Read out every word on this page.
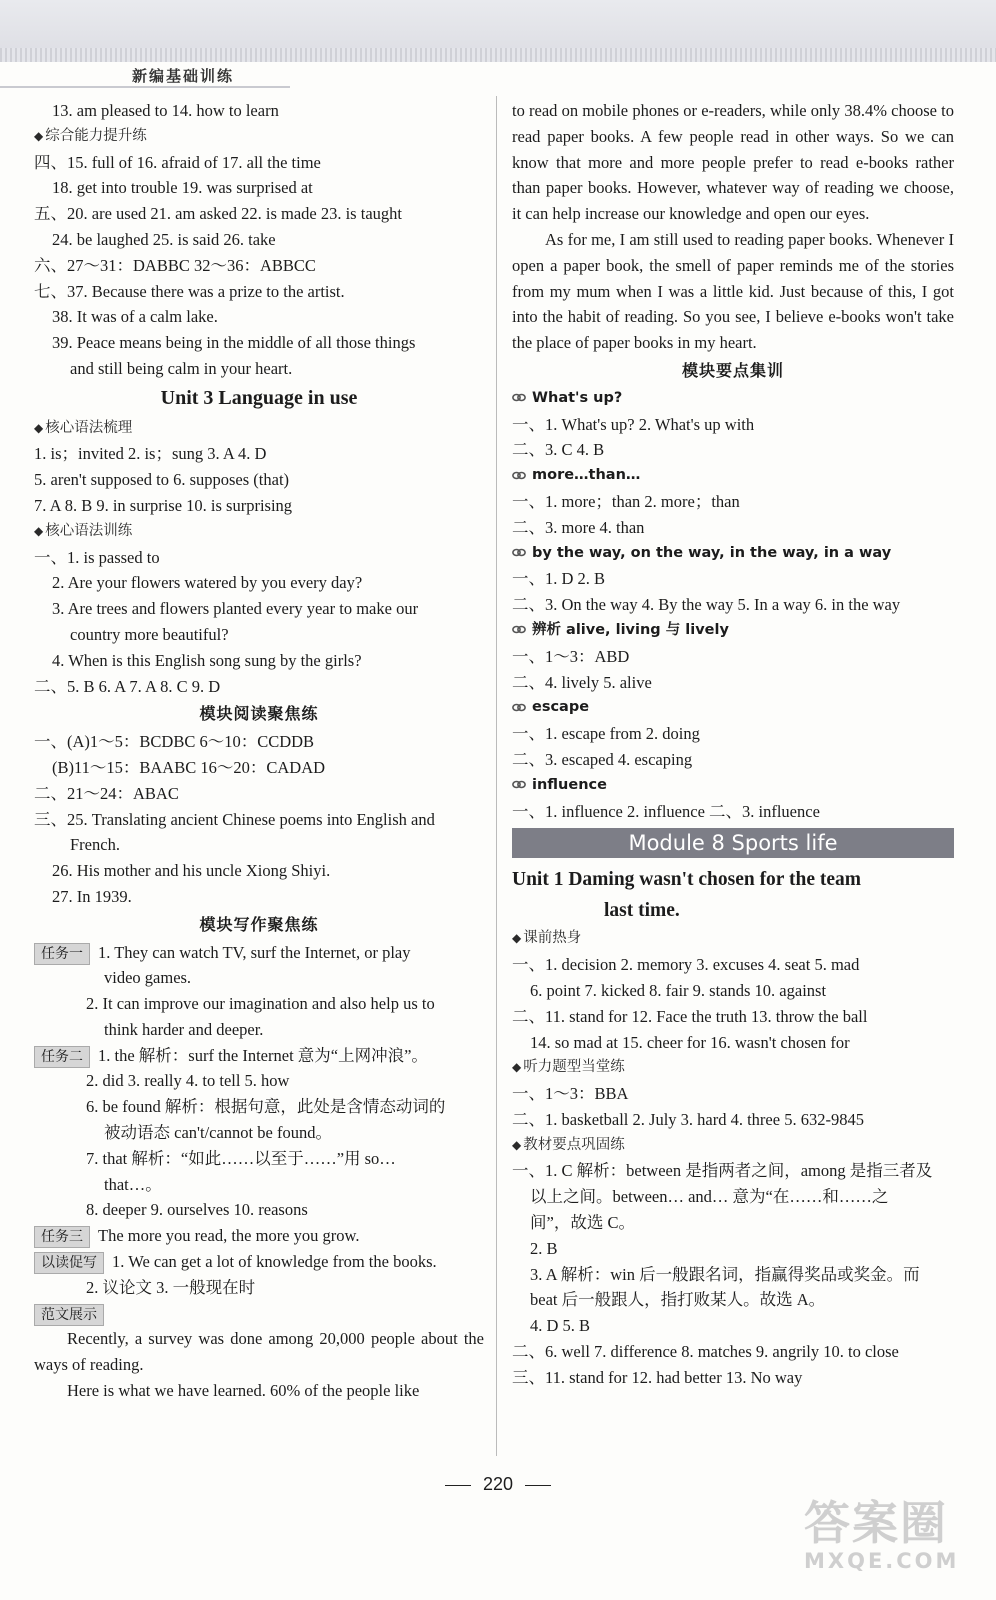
新编基础训练
13. am pleased to 14. how to learn
◆ 综合能力提升练
四、15. full of 16. afraid of 17. all the time
18. get into trouble 19. was surprised at
五、20. are used 21. am asked 22. is made 23. is taught
24. be laughed 25. is said 26. take
六、27～31：DABBC 32～36：ABBCC
七、37. Because there was a prize to the artist.
38. It was of a calm lake.
39. Peace means being in the middle of all those things
and still being calm in your heart.
Unit 3 Language in use
◆ 核心语法梳理
1. is；invited 2. is；sung 3. A 4. D
5. aren't supposed to 6. supposes (that)
7. A 8. B 9. in surprise 10. is surprising
◆ 核心语法训练
一、1. is passed to
2. Are your flowers watered by you every day?
3. Are trees and flowers planted every year to make our
country more beautiful?
4. When is this English song sung by the girls?
二、5. B 6. A 7. A 8. C 9. D
模块阅读聚焦练
一、(A)1～5：BCDBC 6～10：CCDDB
(B)11～15：BAABC 16～20：CADAD
二、21～24：ABAC
三、25. Translating ancient Chinese poems into English and
French.
26. His mother and his uncle Xiong Shiyi.
27. In 1939.
模块写作聚焦练
任务一 1. They can watch TV, surf the Internet, or play
video games.
2. It can improve our imagination and also help us to
think harder and deeper.
任务二 1. the 解析：surf the Internet 意为“上网冲浪”。
2. did 3. really 4. to tell 5. how
6. be found 解析：根据句意，此处是含情态动词的
被动语态 can't/cannot be found。
7. that 解析：“如此……以至于……”用 so…
that…。
8. deeper 9. ourselves 10. reasons
任务三 The more you read, the more you grow.
以读促写 1. We can get a lot of knowledge from the books.
2. 议论文 3. 一般现在时
范文展示
Recently, a survey was done among 20,000 people about the ways of reading.
Here is what we have learned. 60% of the people like
to read on mobile phones or e-readers, while only 38.4% choose to read paper books. A few people read in other ways. So we can know that more and more people prefer to read e-books rather than paper books. However, whatever way of reading we choose, it can help increase our knowledge and open our eyes.
As for me, I am still used to reading paper books. Whenever I open a paper book, the smell of paper reminds me of the stories from my mum when I was a little kid. Just because of this, I got into the habit of reading. So you see, I believe e-books won't take the place of paper books in my heart.
模块要点集训
What's up?
一、1. What's up? 2. What's up with
二、3. C 4. B
more…than…
一、1. more；than 2. more；than
二、3. more 4. than
by the way, on the way, in the way, in a way
一、1. D 2. B
二、3. On the way 4. By the way 5. In a way 6. in the way
辨析 alive, living 与 lively
一、1～3：ABD
二、4. lively 5. alive
escape
一、1. escape from 2. doing
二、3. escaped 4. escaping
influence
一、1. influence 2. influence 二、3. influence
Module 8 Sports life
Unit 1 Daming wasn't chosen for the team
last time.
◆ 课前热身
一、1. decision 2. memory 3. excuses 4. seat 5. mad
6. point 7. kicked 8. fair 9. stands 10. against
二、11. stand for 12. Face the truth 13. throw the ball
14. so mad at 15. cheer for 16. wasn't chosen for
◆ 听力题型当堂练
一、1～3：BBA
二、1. basketball 2. July 3. hard 4. three 5. 632-9845
◆ 教材要点巩固练
一、1. C 解析：between 是指两者之间，among 是指三者及
以上之间。between… and… 意为“在……和……之
间”，故选 C。
2. B
3. A 解析：win 后一般跟名词，指赢得奖品或奖金。而
beat 后一般跟人，指打败某人。故选 A。
4. D 5. B
二、6. well 7. difference 8. matches 9. angrily 10. to close
三、11. stand for 12. had better 13. No way
220
答案圈
MXQE.COM
